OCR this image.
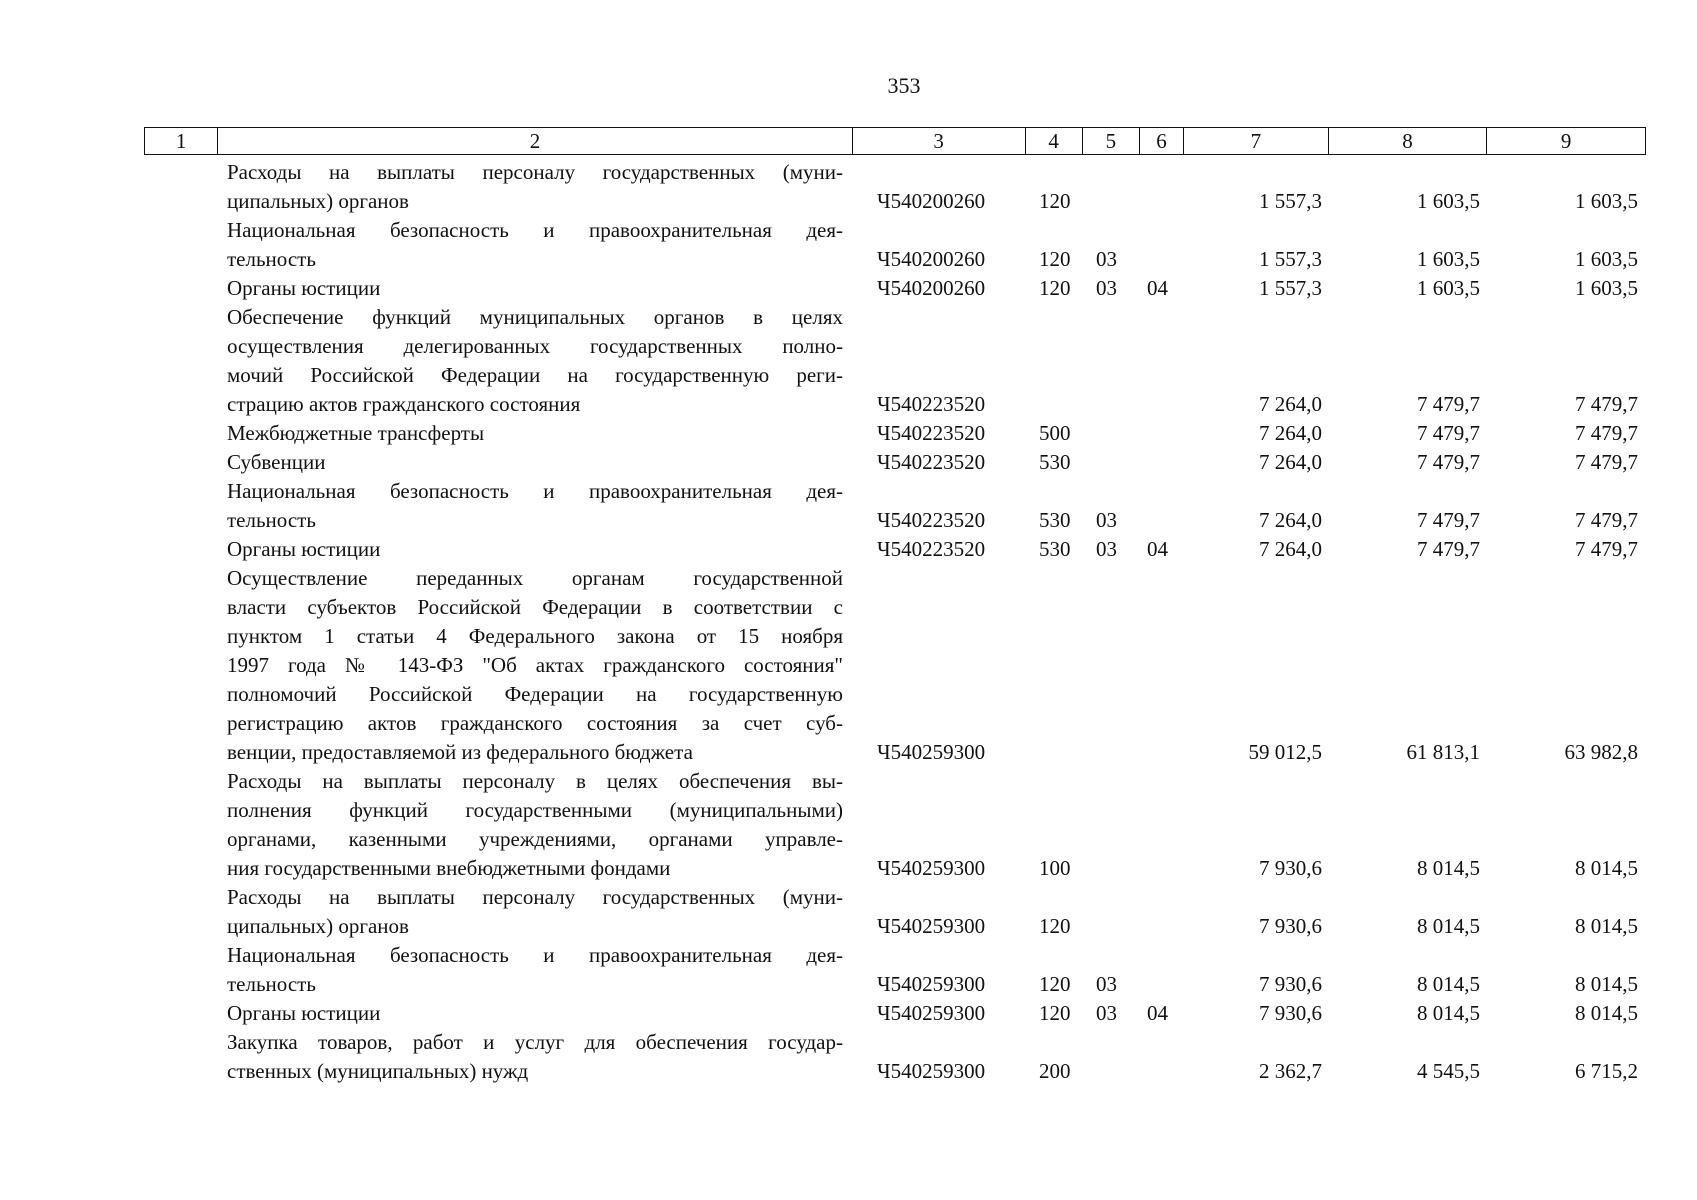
353
1	2	3	4	5	6	7	8	9
Расходы на выплаты персоналу государственных (муни-
ципальных) органов	Ч540200260	120	1 557,3	1 603,5	1 603,5
Национальная безопасность и правоохранительная дея-
тельность	Ч540200260	120 03	1 557,3	1 603,5	1 603,5
Органы юстиции	Ч540200260	120 03 04	1 557,3	1 603,5	1 603,5
Обеспечение функций муниципальных органов в целях
осуществления делегированных государственных полно-
мочий Российской Федерации на государственную реги-
страцию актов гражданского состояния	Ч540223520	7 264,0	7 479,7	7 479,7
Межбюджетные трансферты	Ч540223520	500	7 264,0	7 479,7	7 479,7
Субвенции	Ч540223520	530	7 264,0	7 479,7	7 479,7
Национальная безопасность и правоохранительная дея-
тельность	Ч540223520	530 03	7 264,0	7 479,7	7 479,7
Органы юстиции	Ч540223520	530 03 04	7 264,0	7 479,7	7 479,7
Осуществление переданных органам государственной
власти субъектов Российской Федерации в соответствии с
пунктом 1 статьи 4 Федерального закона от 15 ноября
1997 года № 143-ФЗ "Об актах гражданского состояния"
полномочий Российской Федерации на государственную
регистрацию актов гражданского состояния за счет суб-
венции, предоставляемой из федерального бюджета	Ч540259300	59 012,5	61 813,1	63 982,8
Расходы на выплаты персоналу в целях обеспечения вы-
полнения функций государственными (муниципальными)
органами, казенными учреждениями, органами управле-
ния государственными внебюджетными фондами	Ч540259300	100	7 930,6	8 014,5	8 014,5
Расходы на выплаты персоналу государственных (муни-
ципальных) органов	Ч540259300	120	7 930,6	8 014,5	8 014,5
Национальная безопасность и правоохранительная дея-
тельность	Ч540259300	120 03	7 930,6	8 014,5	8 014,5
Органы юстиции	Ч540259300	120 03 04	7 930,6	8 014,5	8 014,5
Закупка товаров, работ и услуг для обеспечения государ-
ственных (муниципальных) нужд	Ч540259300	200	2 362,7	4 545,5	6 715,2
